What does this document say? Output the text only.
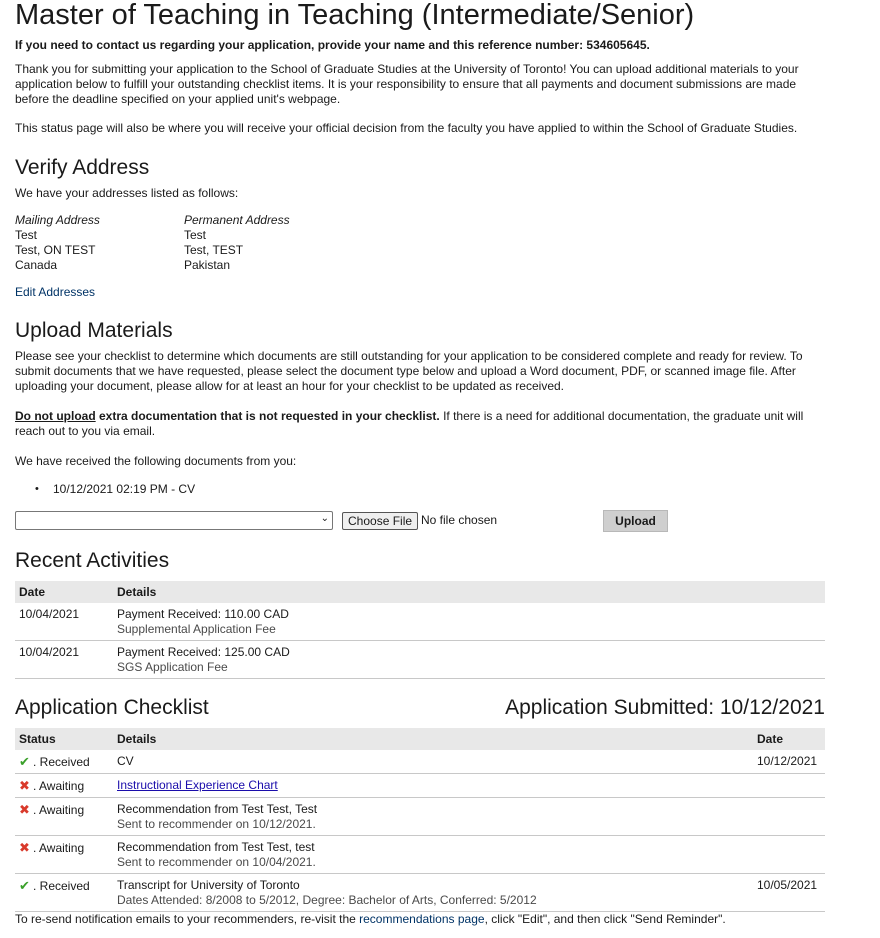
Master of Teaching in Teaching (Intermediate/Senior)

If you need to contact us regarding your application, provide your name and this reference number: 534605645.

Thank you for submitting your application to the School of Graduate Studies at the University of Toronto! You can upload additional materials to your application below to fulfill your outstanding checklist items. It is your responsibility to ensure that all payments and document submissions are made before the deadline specified on your applied unit's webpage.

This status page will also be where you will receive your official decision from the faculty you have applied to within the School of Graduate Studies.

Verify Address

We have your addresses listed as follows:

Mailing Address
Test
Test, ON TEST
Canada
Permanent Address
Test
Test, TEST
Pakistan
Edit Addresses
Upload Materials

Please see your checklist to determine which documents are still outstanding for your application to be considered complete and ready for review. To submit documents that we have requested, please select the document type below and upload a Word document, PDF, or scanned image file. After uploading your document, please allow for at least an hour for your checklist to be updated as received.

Do not upload extra documentation that is not requested in your checklist. If there is a need for additional documentation, the graduate unit will reach out to you via email.

We have received the following documents from you:

• 10/12/2021 02:19 PM - CV
⌄	Choose File No file chosen	Upload
Recent Activities
Date	Details
10/04/2021	Payment Received: 110.00 CAD
Supplemental Application Fee

10/04/2021	Payment Received: 125.00 CAD
SGS Application Fee
Application Checklist	Application Submitted: 10/12/2021
Status	Details	Date
✔ . Received	CV	10/12/2021
✖ . Awaiting	Instructional Experience Chart	
✖ . Awaiting	Recommendation from Test Test, Test
Sent to recommender on 10/12/2021.	

✖ . Awaiting	Recommendation from Test Test, test
Sent to recommender on 10/04/2021.	

✔ . Received	Transcript for University of Toronto
Dates Attended: 8/2008 to 5/2012, Degree: Bachelor of Arts, Conferred: 5/2012	10/05/2021
To re-send notification emails to your recommenders, re-visit the recommendations page, click "Edit", and then click "Send Reminder".
